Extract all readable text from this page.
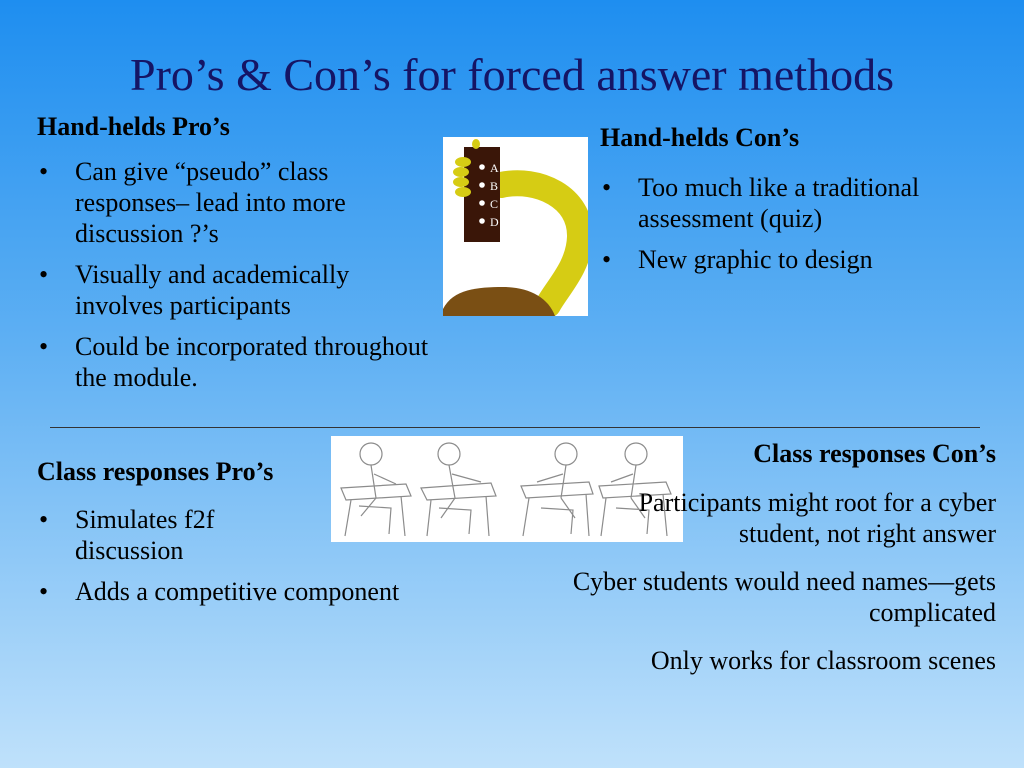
Pro’s & Con’s for forced answer methods
Hand-helds Pro’s
• Can give “pseudo” class responses– lead into more discussion ?’s
• Visually and academically involves participants
• Could be incorporated throughout the module.
A
B
C
D
Hand-helds Con’s
• Too much like a traditional assessment (quiz)
• New graphic to design
Class responses Pro’s
• Simulates f2f discussion
• Adds a competitive component
Class responses Con’s

Participants might root for a cyber student, not right answer

Cyber students would need names—gets complicated

Only works for classroom scenes
